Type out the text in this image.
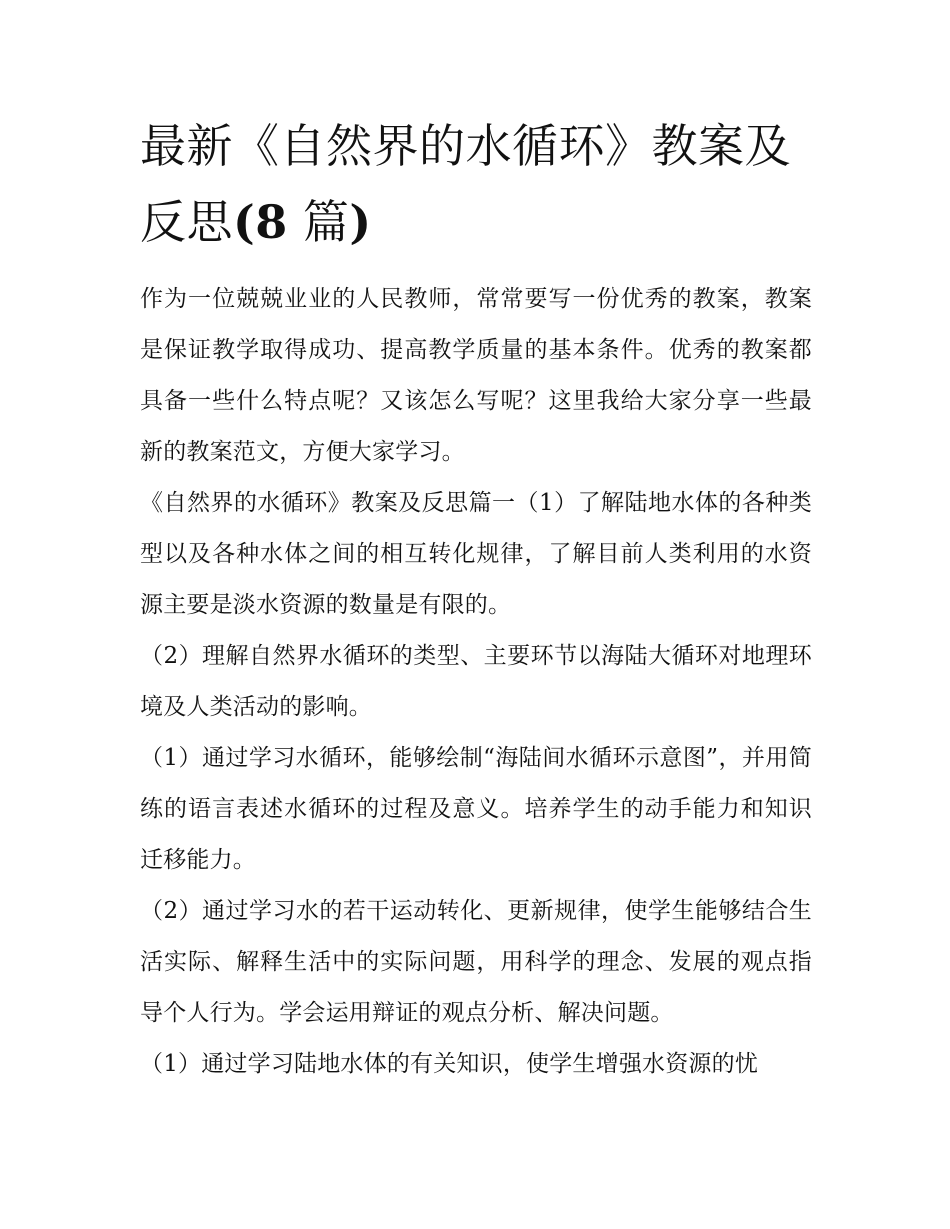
最新《自然界的水循环》教案及反思(8 篇)

作为一位兢兢业业的人民教师，常常要写一份优秀的教案，教案是保证教学取得成功、提高教学质量的基本条件。优秀的教案都具备一些什么特点呢？又该怎么写呢？这里我给大家分享一些最新的教案范文，方便大家学习。

《自然界的水循环》教案及反思篇一（1）了解陆地水体的各种类型以及各种水体之间的相互转化规律，了解目前人类利用的水资源主要是淡水资源的数量是有限的。

（2）理解自然界水循环的类型、主要环节以海陆大循环对地理环境及人类活动的影响。

（1）通过学习水循环，能够绘制“海陆间水循环示意图”，并用简练的语言表述水循环的过程及意义。培养学生的动手能力和知识迁移能力。

（2）通过学习水的若干运动转化、更新规律，使学生能够结合生活实际、解释生活中的实际问题，用科学的理念、发展的观点指导个人行为。学会运用辩证的观点分析、解决问题。

（1）通过学习陆地水体的有关知识，使学生增强水资源的忧
